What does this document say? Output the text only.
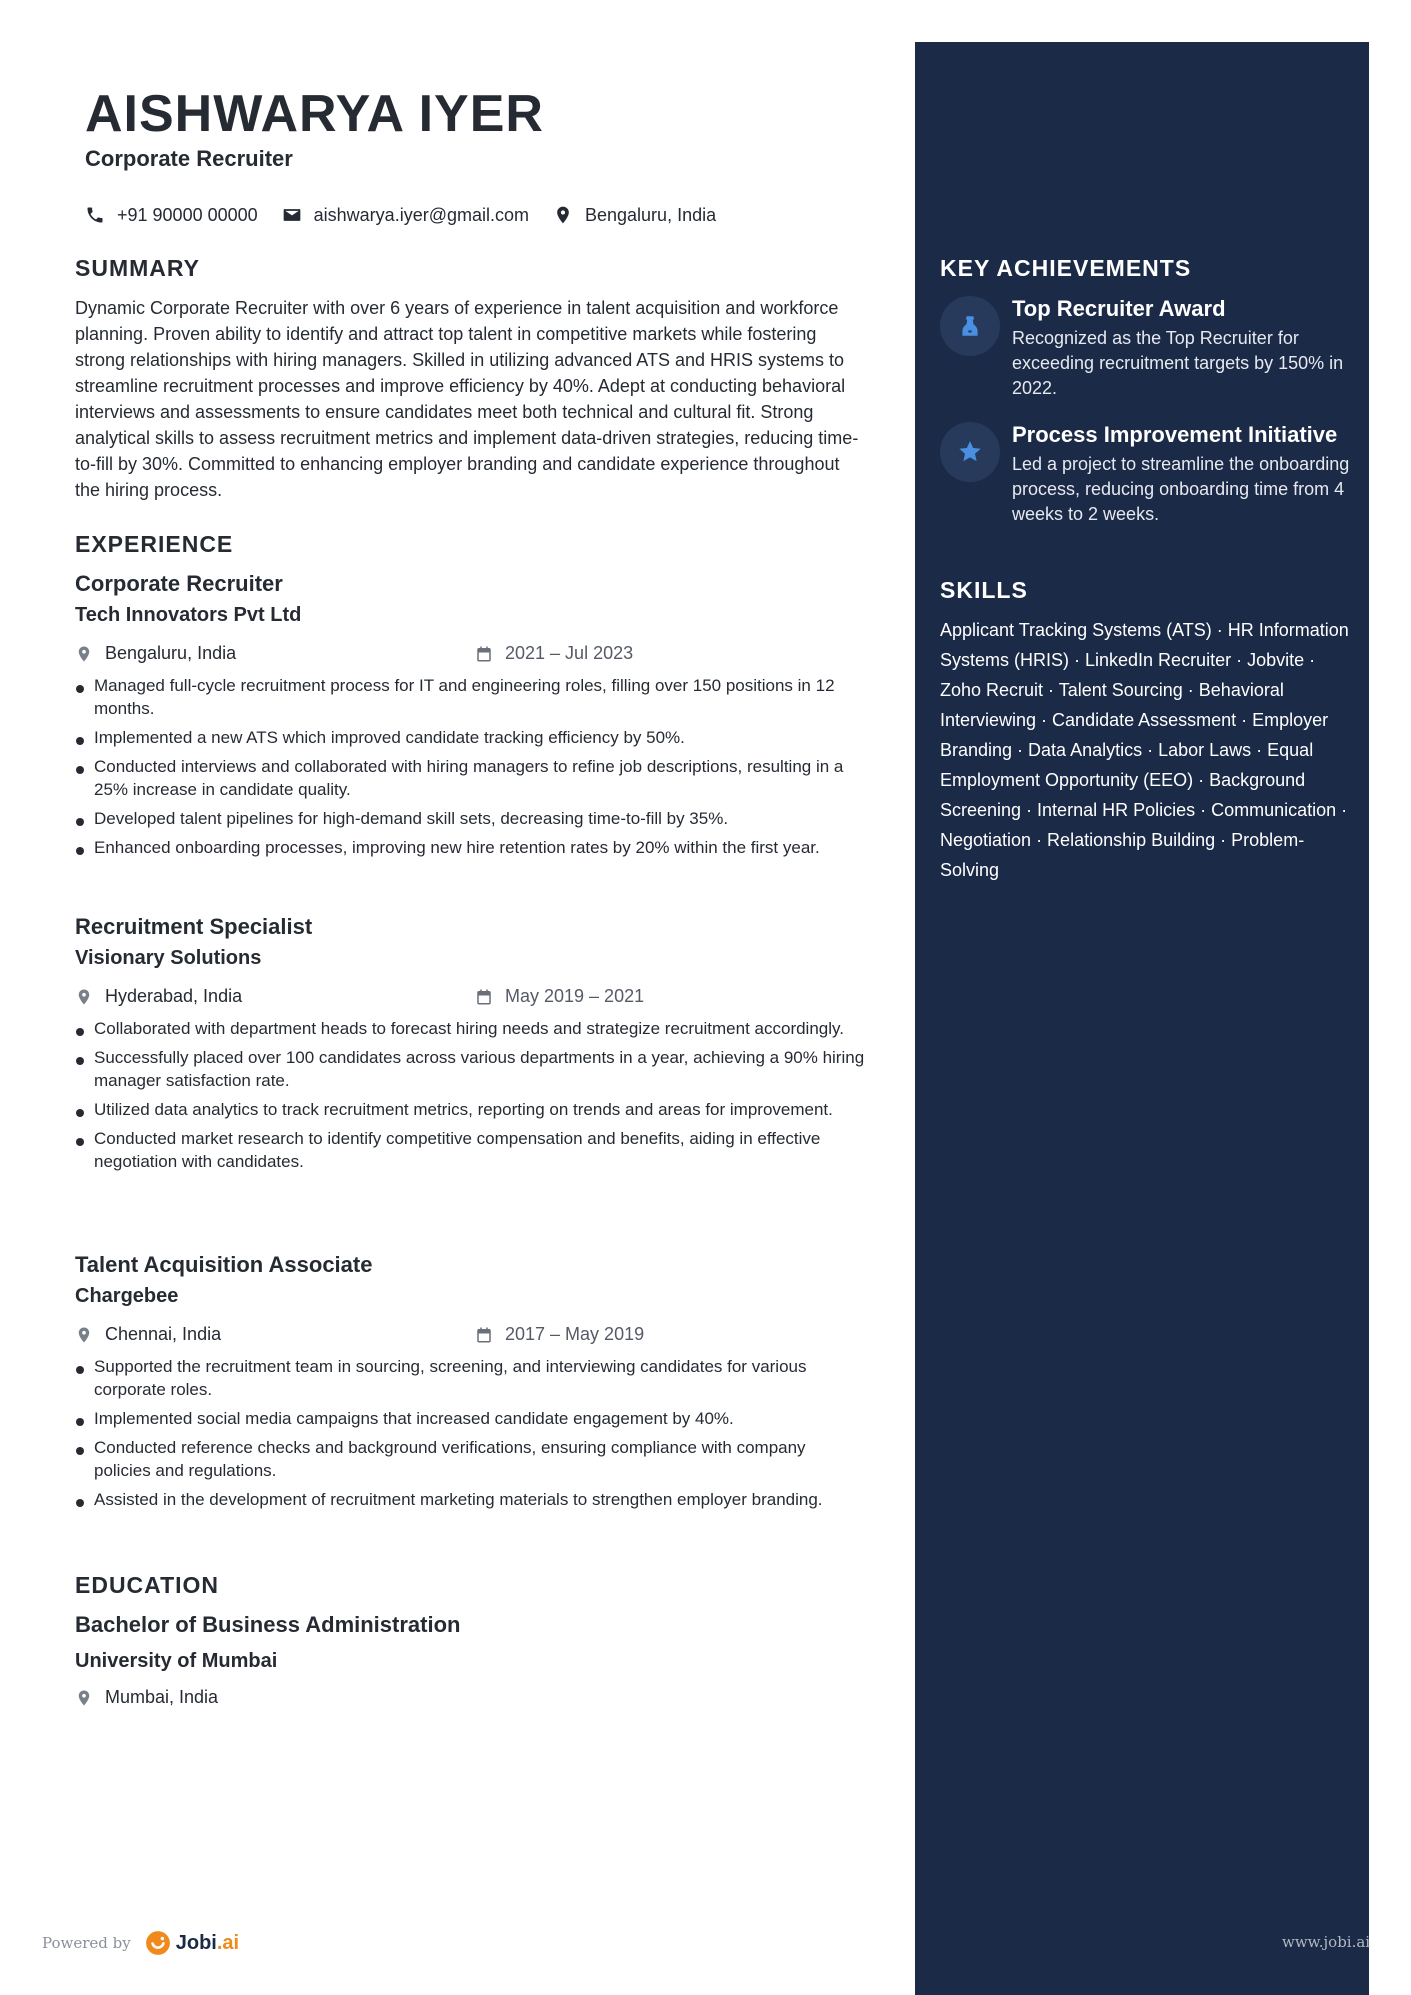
AISHWARYA IYER
Corporate Recruiter
+91 90000 00000	aishwarya.iyer@gmail.com	Bengaluru, India
SUMMARY
Dynamic Corporate Recruiter with over 6 years of experience in talent acquisition and workforce planning. Proven ability to identify and attract top talent in competitive markets while fostering strong relationships with hiring managers. Skilled in utilizing advanced ATS and HRIS systems to streamline recruitment processes and improve efficiency by 40%. Adept at conducting behavioral interviews and assessments to ensure candidates meet both technical and cultural fit. Strong analytical skills to assess recruitment metrics and implement data-driven strategies, reducing time-to-fill by 30%. Committed to enhancing employer branding and candidate experience throughout the hiring process.
EXPERIENCE
Corporate Recruiter
Tech Innovators Pvt Ltd
Bengaluru, India	2021 – Jul 2023
Managed full-cycle recruitment process for IT and engineering roles, filling over 150 positions in 12 months.
Implemented a new ATS which improved candidate tracking efficiency by 50%.
Conducted interviews and collaborated with hiring managers to refine job descriptions, resulting in a 25% increase in candidate quality.
Developed talent pipelines for high-demand skill sets, decreasing time-to-fill by 35%.
Enhanced onboarding processes, improving new hire retention rates by 20% within the first year.
Recruitment Specialist
Visionary Solutions
Hyderabad, India	May 2019 – 2021
Collaborated with department heads to forecast hiring needs and strategize recruitment accordingly.
Successfully placed over 100 candidates across various departments in a year, achieving a 90% hiring manager satisfaction rate.
Utilized data analytics to track recruitment metrics, reporting on trends and areas for improvement.
Conducted market research to identify competitive compensation and benefits, aiding in effective negotiation with candidates.
Talent Acquisition Associate
Chargebee
Chennai, India	2017 – May 2019
Supported the recruitment team in sourcing, screening, and interviewing candidates for various corporate roles.
Implemented social media campaigns that increased candidate engagement by 40%.
Conducted reference checks and background verifications, ensuring compliance with company policies and regulations.
Assisted in the development of recruitment marketing materials to strengthen employer branding.
EDUCATION
Bachelor of Business Administration
University of Mumbai
Mumbai, India
KEY ACHIEVEMENTS
Top Recruiter Award
Recognized as the Top Recruiter for exceeding recruitment targets by 150% in 2022.
Process Improvement Initiative
Led a project to streamline the onboarding process, reducing onboarding time from 4 weeks to 2 weeks.
SKILLS
Applicant Tracking Systems (ATS) · HR Information Systems (HRIS) · LinkedIn Recruiter · Jobvite · Zoho Recruit · Talent Sourcing · Behavioral Interviewing · Candidate Assessment · Employer Branding · Data Analytics · Labor Laws · Equal Employment Opportunity (EEO) · Background Screening · Internal HR Policies · Communication · Negotiation · Relationship Building · Problem-Solving
Powered by Jobi .ai	www.jobi.ai
